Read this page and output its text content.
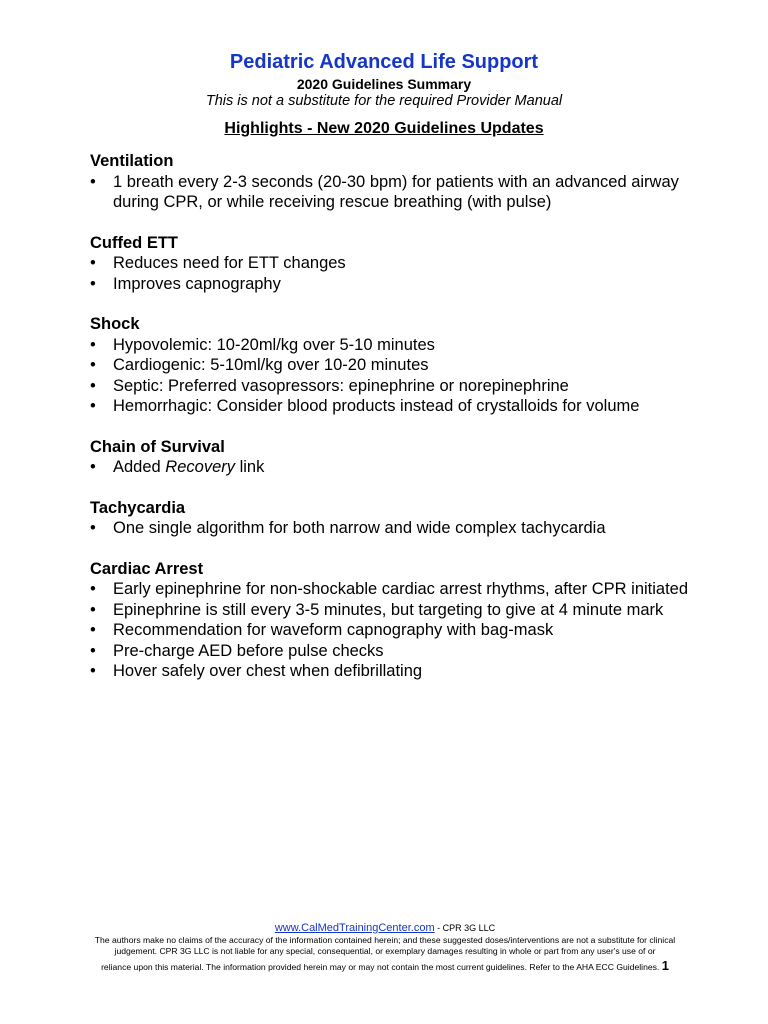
Pediatric Advanced Life Support
2020 Guidelines Summary
This is not a substitute for the required Provider Manual
Highlights - New 2020 Guidelines Updates
Ventilation
• 1 breath every 2-3 seconds (20-30 bpm) for patients with an advanced airway during CPR, or while receiving rescue breathing (with pulse)
Cuffed ETT
• Reduces need for ETT changes
• Improves capnography
Shock
• Hypovolemic: 10-20ml/kg over 5-10 minutes
• Cardiogenic: 5-10ml/kg over 10-20 minutes
• Septic: Preferred vasopressors: epinephrine or norepinephrine
• Hemorrhagic: Consider blood products instead of crystalloids for volume
Chain of Survival
• Added Recovery link
Tachycardia
• One single algorithm for both narrow and wide complex tachycardia
Cardiac Arrest
• Early epinephrine for non-shockable cardiac arrest rhythms, after CPR initiated
• Epinephrine is still every 3-5 minutes, but targeting to give at 4 minute mark
• Recommendation for waveform capnography with bag-mask
• Pre-charge AED before pulse checks
• Hover safely over chest when defibrillating
www.CalMedTrainingCenter.com - CPR 3G LLC
The authors make no claims of the accuracy of the information contained herein; and these suggested doses/interventions are not a substitute for clinical judgement. CPR 3G LLC is not liable for any special, consequential, or exemplary damages resulting in whole or part from any user's use of or
reliance upon this material. The information provided herein may or may not contain the most current guidelines. Refer to the AHA ECC Guidelines. 1
